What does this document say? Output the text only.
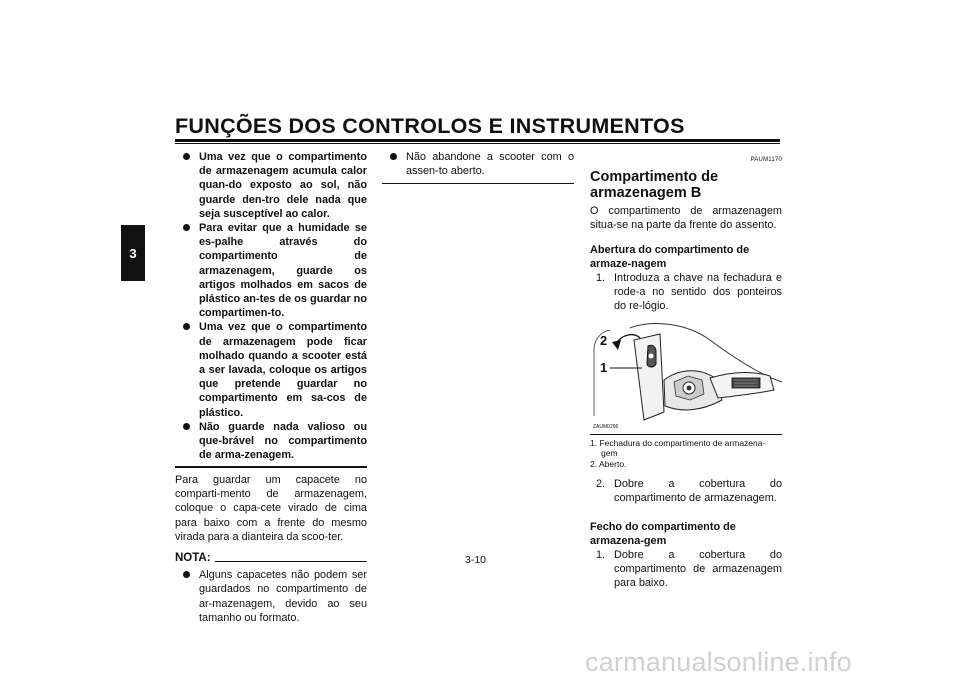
FUNÇÕES DOS CONTROLOS E INSTRUMENTOS
3

Uma vez que o compartimento de armazenagem acumula calor quan-do exposto ao sol, não guarde den-tro dele nada que seja susceptível ao calor.

Para evitar que a humidade se es-palhe através do compartimento de armazenagem, guarde os artigos molhados em sacos de plástico an-tes de os guardar no compartimen-to.

Uma vez que o compartimento de armazenagem pode ficar molhado quando a scooter está a ser lavada, coloque os artigos que pretende guardar no compartimento em sa-cos de plástico.

Não guarde nada valioso ou que-brável no compartimento de arma-zenagem.

Para guardar um capacete no comparti-mento de armazenagem, coloque o capa-cete virado de cima para baixo com a frente do mesmo virada para a dianteira da scoo-ter.
NOTA:

Alguns capacetes não podem ser guardados no compartimento de ar-mazenagem, devido ao seu tamanho ou formato.

Não abandone a scooter com o assen-to aberto.

PAUM1170
Compartimento de armazenagem B
O compartimento de armazenagem situa-se na parte da frente do assento.
Abertura do compartimento de armaze-nagem
1. Introduza a chave na fechadura e rode-a no sentido dos ponteiros do re-lógio.
2
1
ZAUM0296
1. Fechadura do compartimento de armazena-
gem
2. Aberto.
2. Dobre a cobertura do compartimento de armazenagem.
Fecho do compartimento de armazena-gem
1. Dobre a cobertura do compartimento de armazenagem para baixo.
3-10
carmanualsonline.info
